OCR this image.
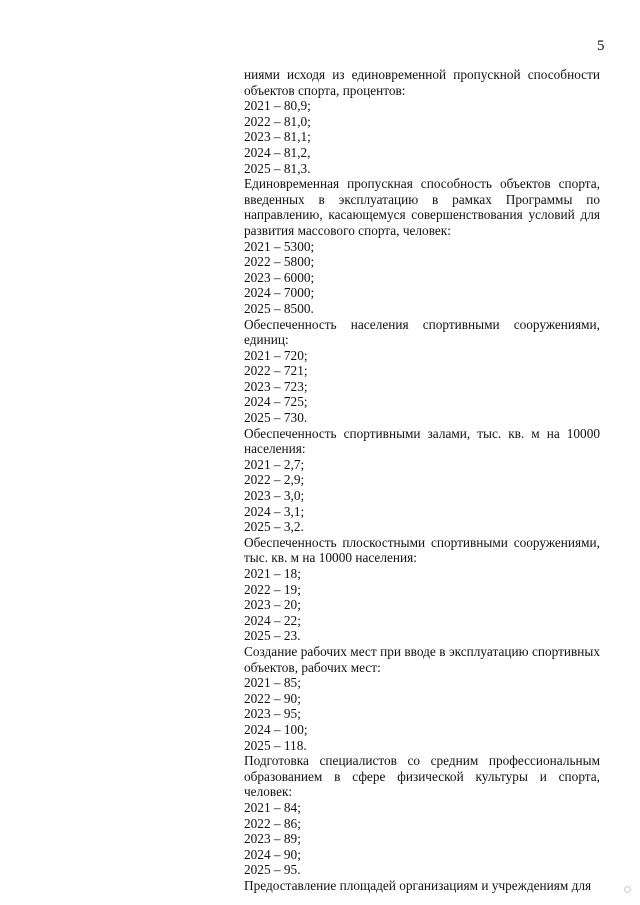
5
ниями исходя из единовременной пропускной способности объектов спорта, процентов:
2021 – 80,9;
2022 – 81,0;
2023 – 81,1;
2024 – 81,2,
2025 – 81,3.
Единовременная пропускная способность объектов спорта, введенных в эксплуатацию в рамках Программы по направлению, касающемуся совершенствования условий для развития массового спорта, человек:
2021 – 5300;
2022 – 5800;
2023 – 6000;
2024 – 7000;
2025 – 8500.
Обеспеченность населения спортивными сооружениями, единиц:
2021 – 720;
2022 – 721;
2023 – 723;
2024 – 725;
2025 – 730.
Обеспеченность спортивными залами, тыс. кв. м на 10000 населения:
2021 – 2,7;
2022 – 2,9;
2023 – 3,0;
2024 – 3,1;
2025 – 3,2.
Обеспеченность плоскостными спортивными сооружениями, тыс. кв. м на 10000 населения:
2021 – 18;
2022 – 19;
2023 – 20;
2024 – 22;
2025 – 23.
Создание рабочих мест при вводе в эксплуатацию спортивных объектов, рабочих мест:
2021 – 85;
2022 – 90;
2023 – 95;
2024 – 100;
2025 – 118.
Подготовка специалистов со средним профессиональным образованием в сфере физической культуры и спорта, человек:
2021 – 84;
2022 – 86;
2023 – 89;
2024 – 90;
2025 – 95.
Предоставление площадей организациям и учреждениям для	◯
